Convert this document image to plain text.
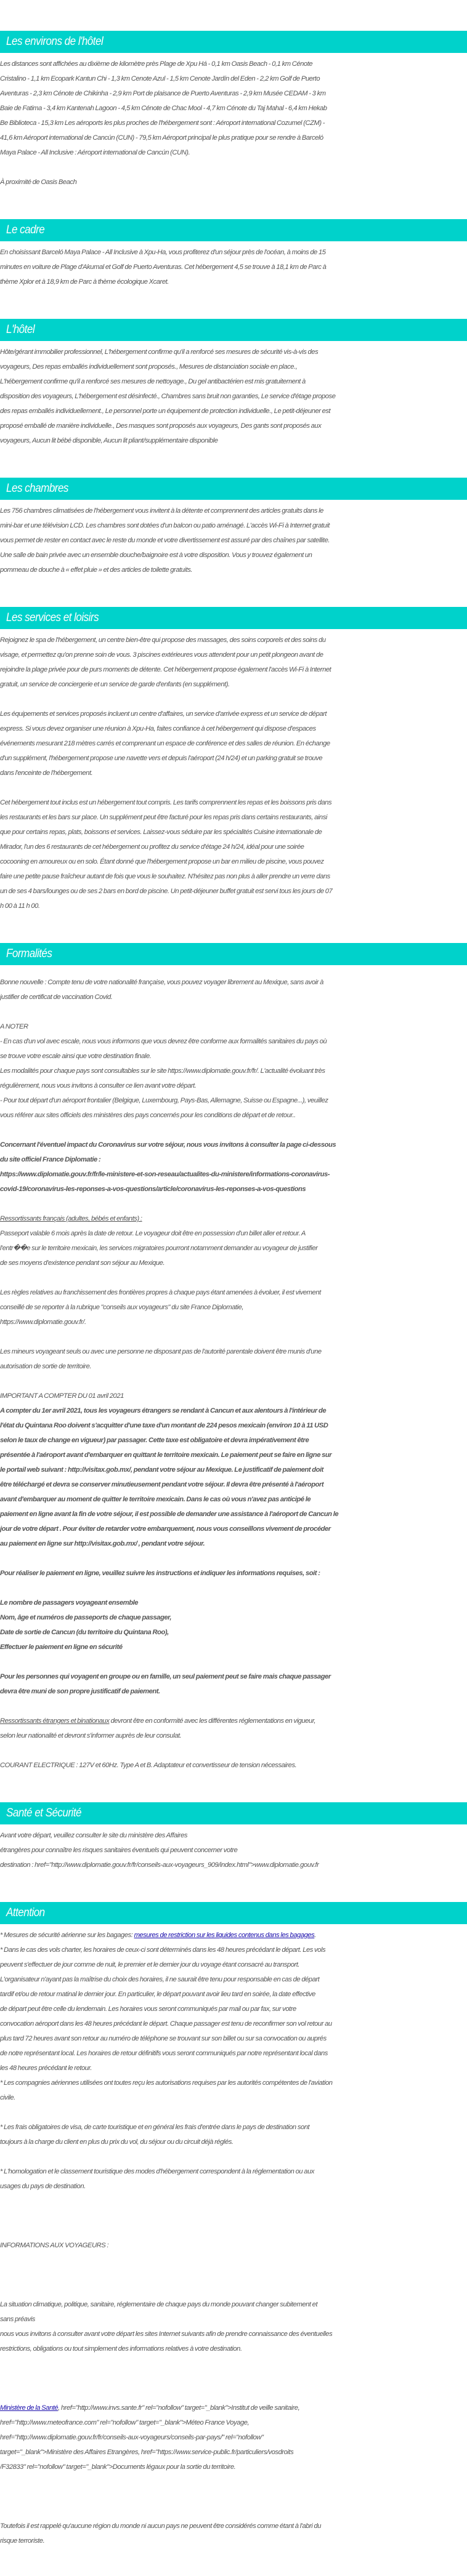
Les environs de l'hôtel

Les distances sont affichées au dixième de kilomètre près Plage de Xpu Há - 0,1 km Oasis Beach - 0,1 km Cénote
Cristalino - 1,1 km Ecopark Kantun Chi - 1,3 km Cenote Azul - 1,5 km Cenote Jardín del Eden - 2,2 km Golf de Puerto
Aventuras - 2,3 km Cénote de Chikinha - 2,9 km Port de plaisance de Puerto Aventuras - 2,9 km Musée CEDAM - 3 km
Baie de Fatima - 3,4 km Kantenah Lagoon - 4,5 km Cénote de Chac Mool - 4,7 km Cénote du Taj Mahal - 6,4 km Hekab
Be Biblioteca - 15,3 km Les aéroports les plus proches de l'hébergement sont : Aéroport international Cozumel (CZM) -
41,6 km Aéroport international de Cancún (CUN) - 79,5 km Aéroport principal le plus pratique pour se rendre à Barceló
Maya Palace - All Inclusive : Aéroport international de Cancún (CUN).

À proximité de Oasis Beach

Le cadre

En choisissant Barceló Maya Palace - All Inclusive à Xpu-Ha, vous profiterez d'un séjour près de l'océan, à moins de 15
minutes en voiture de Plage d'Akumal et Golf de Puerto Aventuras. Cet hébergement 4,5 se trouve à 18,1 km de Parc à
thème Xplor et à 18,9 km de Parc à thème écologique Xcaret.

L'hôtel

Hôte/gérant immobilier professionnel, L'hébergement confirme qu'il a renforcé ses mesures de sécurité vis-à-vis des
voyageurs, Des repas emballés individuellement sont proposés., Mesures de distanciation sociale en place.,
L'hébergement confirme qu'il a renforcé ses mesures de nettoyage., Du gel antibactérien est mis gratuitement à
disposition des voyageurs, L'hébergement est désinfecté., Chambres sans bruit non garanties, Le service d'étage propose
des repas emballés individuellement., Le personnel porte un équipement de protection individuelle., Le petit-déjeuner est
proposé emballé de manière individuelle., Des masques sont proposés aux voyageurs, Des gants sont proposés aux
voyageurs, Aucun lit bébé disponible, Aucun lit pliant/supplémentaire disponible

Les chambres

Les 756 chambres climatisées de l'hébergement vous invitent à la détente et comprennent des articles gratuits dans le
mini-bar et une télévision LCD. Les chambres sont dotées d'un balcon ou patio aménagé. L'accès Wi-Fi à Internet gratuit
vous permet de rester en contact avec le reste du monde et votre divertissement est assuré par des chaînes par satellite.
Une salle de bain privée avec un ensemble douche/baignoire est à votre disposition. Vous y trouvez également un
pommeau de douche à « effet pluie » et des articles de toilette gratuits.

Les services et loisirs

Rejoignez le spa de l'hébergement, un centre bien-être qui propose des massages, des soins corporels et des soins du
visage, et permettez qu'on prenne soin de vous. 3 piscines extérieures vous attendent pour un petit plongeon avant de
rejoindre la plage privée pour de purs moments de détente. Cet hébergement propose également l'accès Wi-Fi à Internet
gratuit, un service de conciergerie et un service de garde d'enfants (en supplément).

Les équipements et services proposés incluent un centre d'affaires, un service d'arrivée express et un service de départ
express. Si vous devez organiser une réunion à Xpu-Ha, faites confiance à cet hébergement qui dispose d'espaces
événements mesurant 218 mètres carrés et comprenant un espace de conférence et des salles de réunion. En échange
d'un supplément, l'hébergement propose une navette vers et depuis l'aéroport (24 h/24) et un parking gratuit se trouve
dans l'enceinte de l'hébergement.

Cet hébergement tout inclus est un hébergement tout compris. Les tarifs comprennent les repas et les boissons pris dans
les restaurants et les bars sur place. Un supplément peut être facturé pour les repas pris dans certains restaurants, ainsi
que pour certains repas, plats, boissons et services. Laissez-vous séduire par les spécialités Cuisine internationale de
Mirador, l'un des 6 restaurants de cet hébergement ou profitez du service d'étage 24 h/24, idéal pour une soirée
cocooning en amoureux ou en solo. Étant donné que l'hébergement propose un bar en milieu de piscine, vous pouvez
faire une petite pause fraîcheur autant de fois que vous le souhaitez. N'hésitez pas non plus à aller prendre un verre dans
un de ses 4 bars/lounges ou de ses 2 bars en bord de piscine. Un petit-déjeuner buffet gratuit est servi tous les jours de 07
h 00 à 11 h 00.

Formalités

Bonne nouvelle : Compte tenu de votre nationalité française, vous pouvez voyager librement au Mexique, sans avoir à
justifier de certificat de vaccination Covid.

A NOTER
- En cas d'un vol avec escale, nous vous informons que vous devrez être conforme aux formalités sanitaires du pays où
se trouve votre escale ainsi que votre destination finale.
Les modalités pour chaque pays sont consultables sur le site https://www.diplomatie.gouv.fr/fr/. L'actualité évoluant très
régulièrement, nous vous invitons à consulter ce lien avant votre départ.
- Pour tout départ d'un aéroport frontalier (Belgique, Luxembourg, Pays-Bas, Allemagne, Suisse ou Espagne...), veuillez
vous référer aux sites officiels des ministères des pays concernés pour les conditions de départ et de retour..

Concernant l'éventuel impact du Coronavirus sur votre séjour, nous vous invitons à consulter la page ci-dessous
du site officiel France Diplomatie :
https://www.diplomatie.gouv.fr/fr/le-ministere-et-son-reseau/actualites-du-ministere/informations-coronavirus-
covid-19/coronavirus-les-reponses-a-vos-questions/article/coronavirus-les-reponses-a-vos-questions

Ressortissants français (adultes, bébés et enfants) :
Passeport valable 6 mois après la date de retour. Le voyageur doit être en possession d'un billet aller et retour. A
l'entr��e sur le territoire mexicain, les services migratoires pourront notamment demander au voyageur de justifier
de ses moyens d'existence pendant son séjour au Mexique.

Les règles relatives au franchissement des frontières propres à chaque pays étant amenées à évoluer, il est vivement
conseillé de se reporter à la rubrique "conseils aux voyageurs" du site France Diplomatie,
https://www.diplomatie.gouv.fr/.

Les mineurs voyageant seuls ou avec une personne ne disposant pas de l'autorité parentale doivent être munis d'une
autorisation de sortie de territoire.

IMPORTANT A COMPTER DU 01 avril 2021
A compter du 1er avril 2021, tous les voyageurs étrangers se rendant à Cancun et aux alentours à l'intérieur de
l'état du Quintana Roo doivent s'acquitter d'une taxe d'un montant de 224 pesos mexicain (environ 10 à 11 USD
selon le taux de change en vigueur) par passager. Cette taxe est obligatoire et devra impérativement être
présentée à l'aéroport avant d'embarquer en quittant le territoire mexicain. Le paiement peut se faire en ligne sur
le portail web suivant : http://visitax.gob.mx/, pendant votre séjour au Mexique. Le justificatif de paiement doit
être téléchargé et devra se conserver minutieusement pendant votre séjour. Il devra être présenté à l'aéroport
avant d'embarquer au moment de quitter le territoire mexicain. Dans le cas où vous n'avez pas anticipé le
paiement en ligne avant la fin de votre séjour, il est possible de demander une assistance à l'aéroport de Cancun le
jour de votre départ . Pour éviter de retarder votre embarquement, nous vous conseillons vivement de procéder
au paiement en ligne sur http://visitax.gob.mx/ , pendant votre séjour.

Pour réaliser le paiement en ligne, veuillez suivre les instructions et indiquer les informations requises, soit :

Le nombre de passagers voyageant ensemble
Nom, âge et numéros de passeports de chaque passager,
Date de sortie de Cancun (du territoire du Quintana Roo),
Effectuer le paiement en ligne en sécurité

Pour les personnes qui voyagent en groupe ou en famille, un seul paiement peut se faire mais chaque passager
devra être muni de son propre justificatif de paiement.

Ressortissants étrangers et binationaux devront être en conformité avec les différentes réglementations en vigueur,
selon leur nationalité et devront s'informer auprès de leur consulat.

COURANT ELECTRIQUE : 127V et 60Hz. Type A et B. Adaptateur et convertisseur de tension nécessaires.

Santé et Sécurité

Avant votre départ, veuillez consulter le site du ministère des Affaires
étrangères pour connaître les risques sanitaires éventuels qui peuvent concerner votre
destination : href="http://www.diplomatie.gouv.fr/fr/conseils-aux-voyageurs_909/index.html">www.diplomatie.gouv.fr

Attention

* Mesures de sécurité aérienne sur les bagages: mesures de restriction sur les liquides contenus dans les bagages.
* Dans le cas des vols charter, les horaires de ceux-ci sont déterminés dans les 48 heures précédant le départ. Les vols
peuvent s'effectuer de jour comme de nuit, le premier et le dernier jour du voyage étant consacré au transport.
L'organisateur n'ayant pas la maîtrise du choix des horaires, il ne saurait être tenu pour responsable en cas de départ
tardif et/ou de retour matinal le dernier jour. En particulier, le départ pouvant avoir lieu tard en soirée, la date effective
de départ peut être celle du lendemain. Les horaires vous seront communiqués par mail ou par fax, sur votre
convocation aéroport dans les 48 heures précédant le départ. Chaque passager est tenu de reconfirmer son vol retour au
plus tard 72 heures avant son retour au numéro de téléphone se trouvant sur son billet ou sur sa convocation ou auprés
de notre représentant local. Les horaires de retour définitifs vous seront communiqués par notre représentant local dans
les 48 heures précédant le retour.
* Les compagnies aériennes utilisées ont toutes reçu les autorisations requises par les autorités compétentes de l'aviation
civile.

* Les frais obligatoires de visa, de carte touristique et en général les frais d'entrée dans le pays de destination sont
toujours à la charge du client en plus du prix du vol, du séjour ou du circuit déjà réglés.

* L'homologation et le classement touristique des modes d'hébergement correspondent à la réglementation ou aux
usages du pays de destination.

INFORMATIONS AUX VOYAGEURS :

La situation climatique, politique, sanitaire, réglementaire de chaque pays du monde pouvant changer subitement et
sans préavis
nous vous invitons à consulter avant votre départ les sites Internet suivants afin de prendre connaissance des éventuelles
restrictions, obligations ou tout simplement des informations relatives à votre destination.

Ministère de la Santé, href="http://www.invs.sante.fr" rel="nofollow" target="_blank">Institut de veille sanitaire,
href="http://www.meteofrance.com" rel="nofollow" target="_blank">Méteo France Voyage,
href="http://www.diplomatie.gouv.fr/fr/conseils-aux-voyageurs/conseils-par-pays/" rel="nofollow"
target="_blank">Ministère des Affaires Etrangères, href="https://www.service-public.fr/particuliers/vosdroits
/F32833" rel="nofollow" target="_blank">Documents légaux pour la sortie du territoire.

Toutefois il est rappelé qu'aucune région du monde ni aucun pays ne peuvent être considérés comme étant à l'abri du
risque terroriste.
